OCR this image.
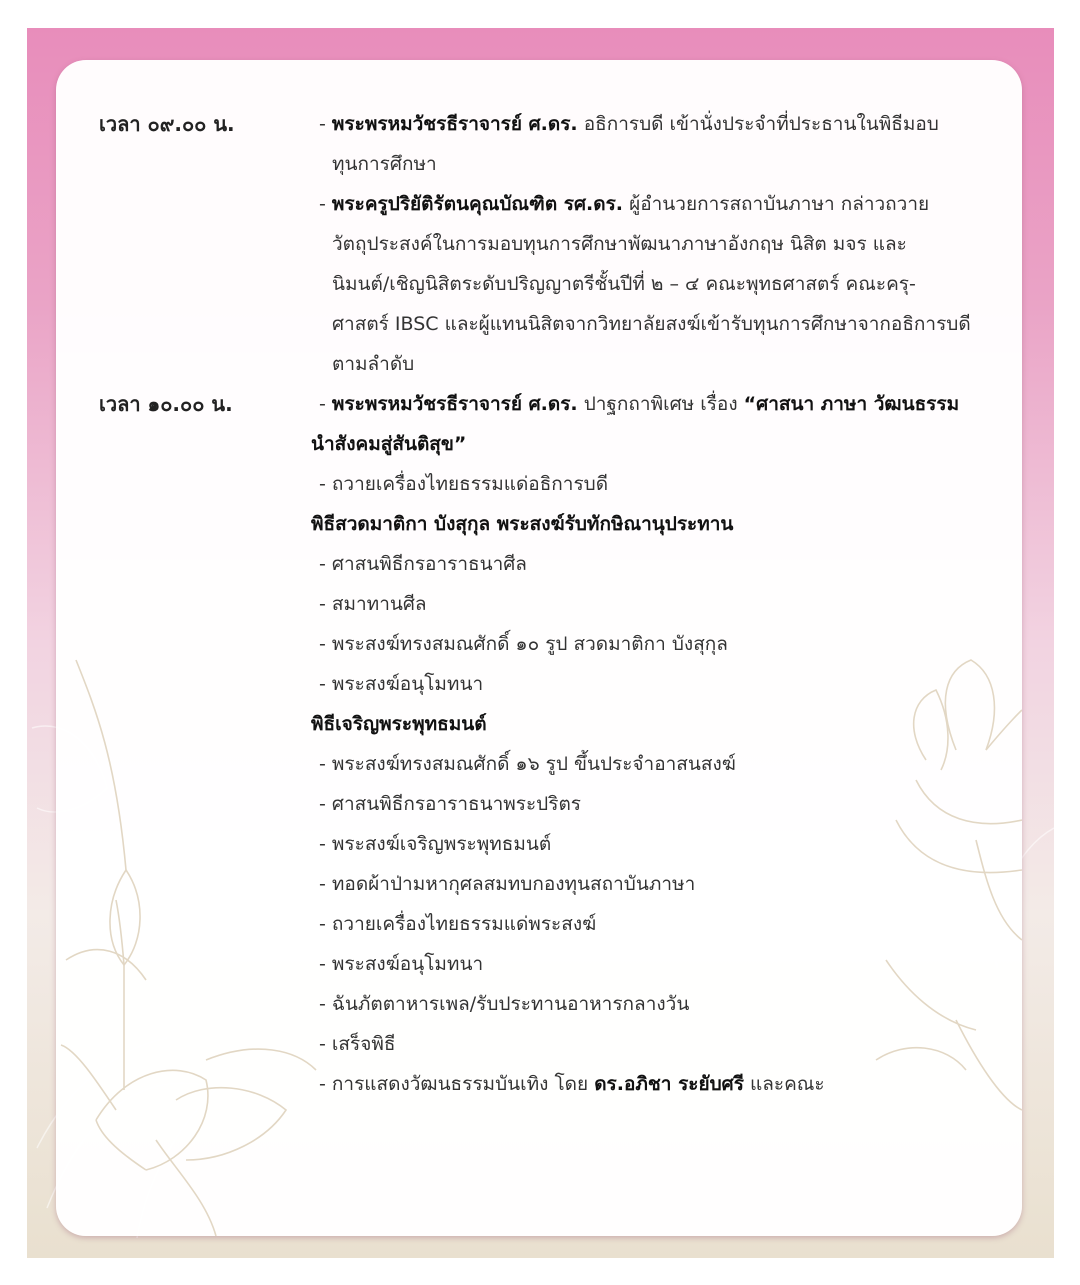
เวลา ๐๙.๐๐ น.	- พระพรหมวัชรธีราจารย์ ศ.ดร. อธิการบดี เข้านั่งประจำที่ประธานในพิธีมอบ
ทุนการศึกษา
- พระครูปริยัติรัตนคุณบัณฑิต รศ.ดร. ผู้อำนวยการสถาบันภาษา กล่าวถวาย
วัตถุประสงค์ในการมอบทุนการศึกษาพัฒนาภาษาอังกฤษ นิสิต มจร และ
นิมนต์/เชิญนิสิตระดับปริญญาตรีชั้นปีที่ ๒ – ๔ คณะพุทธศาสตร์ คณะครุ-
ศาสตร์ IBSC และผู้แทนนิสิตจากวิทยาลัยสงฆ์เข้ารับทุนการศึกษาจากอธิการบดี
ตามลำดับ
เวลา ๑๐.๐๐ น.	- พระพรหมวัชรธีราจารย์ ศ.ดร. ปาฐกถาพิเศษ เรื่อง “ศาสนา ภาษา วัฒนธรรม
นำสังคมสู่สันติสุข”
- ถวายเครื่องไทยธรรมแด่อธิการบดี
พิธีสวดมาติกา บังสุกุล พระสงฆ์รับทักษิณานุประทาน
- ศาสนพิธีกรอาราธนาศีล
- สมาทานศีล
- พระสงฆ์ทรงสมณศักดิ์ ๑๐ รูป สวดมาติกา บังสุกุล
- พระสงฆ์อนุโมทนา
พิธีเจริญพระพุทธมนต์
- พระสงฆ์ทรงสมณศักดิ์ ๑๖ รูป ขึ้นประจำอาสนสงฆ์
- ศาสนพิธีกรอาราธนาพระปริตร
- พระสงฆ์เจริญพระพุทธมนต์
- ทอดผ้าป่ามหากุศลสมทบกองทุนสถาบันภาษา
- ถวายเครื่องไทยธรรมแด่พระสงฆ์
- พระสงฆ์อนุโมทนา
- ฉันภัตตาหารเพล/รับประทานอาหารกลางวัน
- เสร็จพิธี
- การแสดงวัฒนธรรมบันเทิง โดย ดร.อภิชา ระยับศรี และคณะ
